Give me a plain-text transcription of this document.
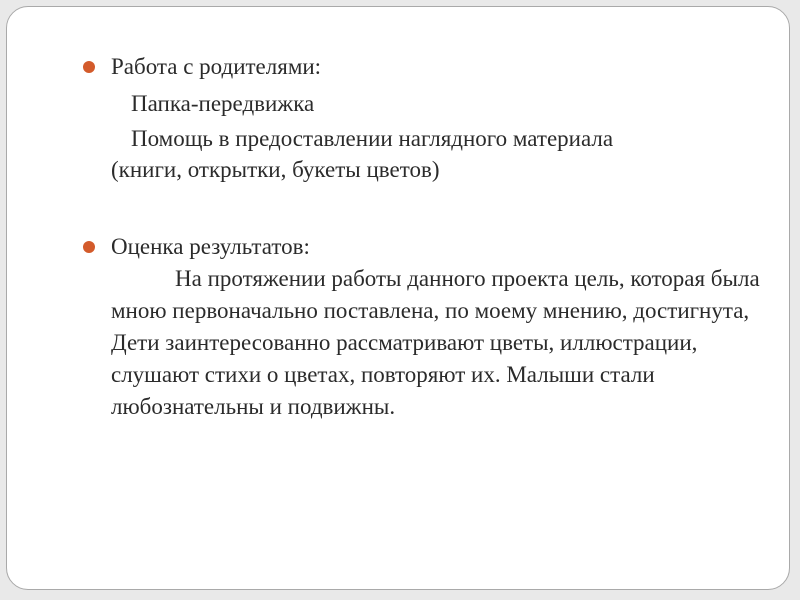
Работа с родителями:
Папка-передвижка
Помощь в предоставлении наглядного материала
(книги, открытки, букеты цветов)
Оценка результатов:
На протяжении работы данного проекта цель, которая была мною первоначально поставлена, по моему мнению, достигнута, Дети заинтересованно рассматривают цветы, иллюстрации, слушают стихи о цветах, повторяют их. Малыши стали любознательны и подвижны.
